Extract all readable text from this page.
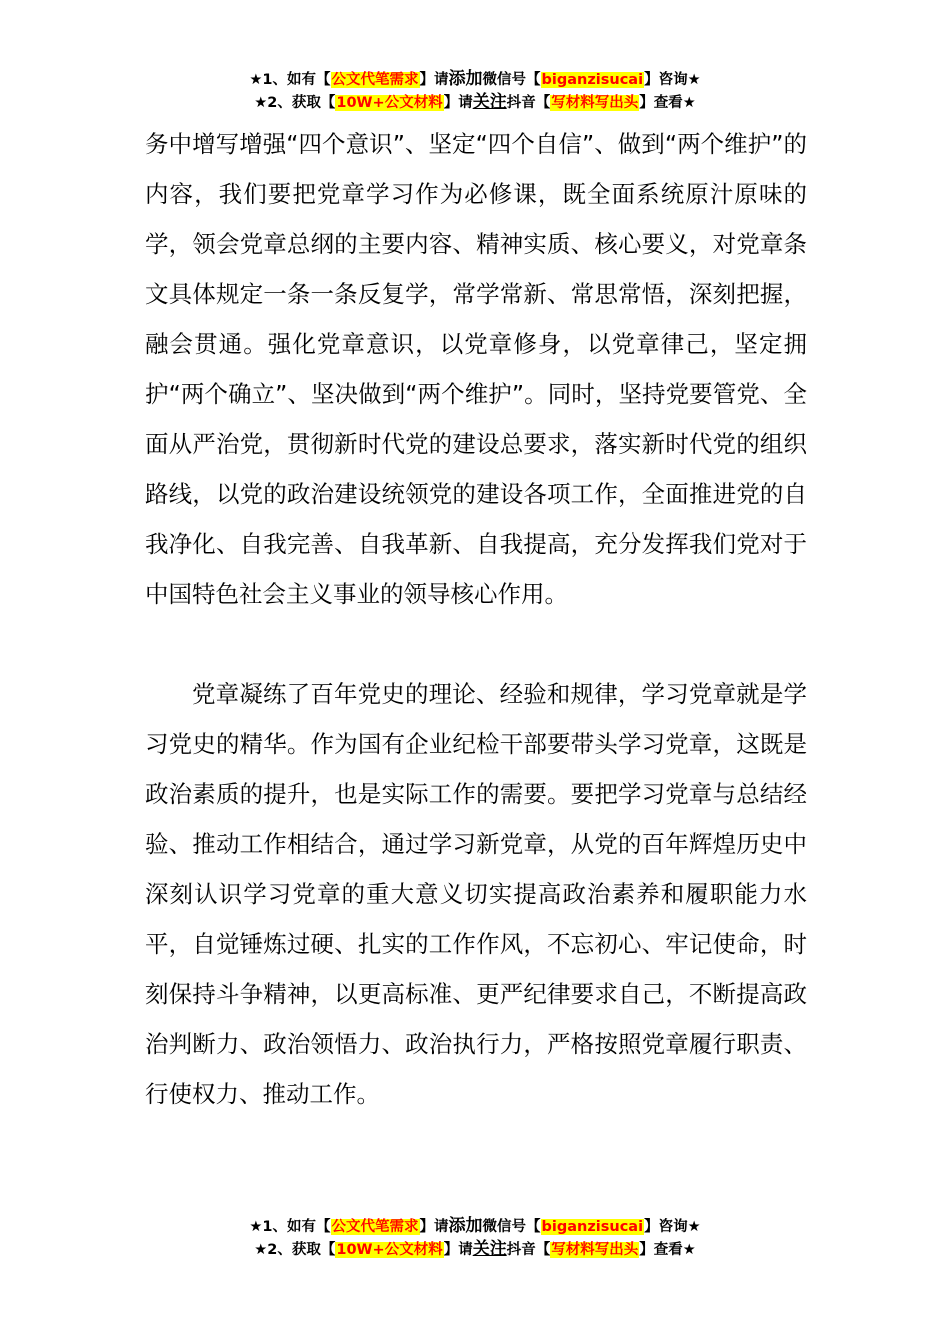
★1、如有【公文代笔需求】请添加微信号【biganzisucai】咨询★
★2、获取【10W+公文材料】请关注抖音【写材料写出头】查看★

务中增写增强“四个意识”、坚定“四个自信”、做到“两个维护”的内容，我们要把党章学习作为必修课，既全面系统原汁原味的学，领会党章总纲的主要内容、精神实质、核心要义，对党章条文具体规定一条一条反复学，常学常新、常思常悟，深刻把握，融会贯通。强化党章意识，以党章修身，以党章律己，坚定拥护“两个确立”、坚决做到“两个维护”。同时，坚持党要管党、全面从严治党，贯彻新时代党的建设总要求，落实新时代党的组织路线，以党的政治建设统领党的建设各项工作，全面推进党的自我净化、自我完善、自我革新、自我提高，充分发挥我们党对于中国特色社会主义事业的领导核心作用。

党章凝练了百年党史的理论、经验和规律，学习党章就是学习党史的精华。作为国有企业纪检干部要带头学习党章，这既是政治素质的提升，也是实际工作的需要。要把学习党章与总结经验、推动工作相结合，通过学习新党章，从党的百年辉煌历史中深刻认识学习党章的重大意义切实提高政治素养和履职能力水平，自觉锤炼过硬、扎实的工作作风，不忘初心、牢记使命，时刻保持斗争精神，以更高标准、更严纪律要求自己，不断提高政治判断力、政治领悟力、政治执行力，严格按照党章履行职责、行使权力、推动工作。

★1、如有【公文代笔需求】请添加微信号【biganzisucai】咨询★
★2、获取【10W+公文材料】请关注抖音【写材料写出头】查看★
